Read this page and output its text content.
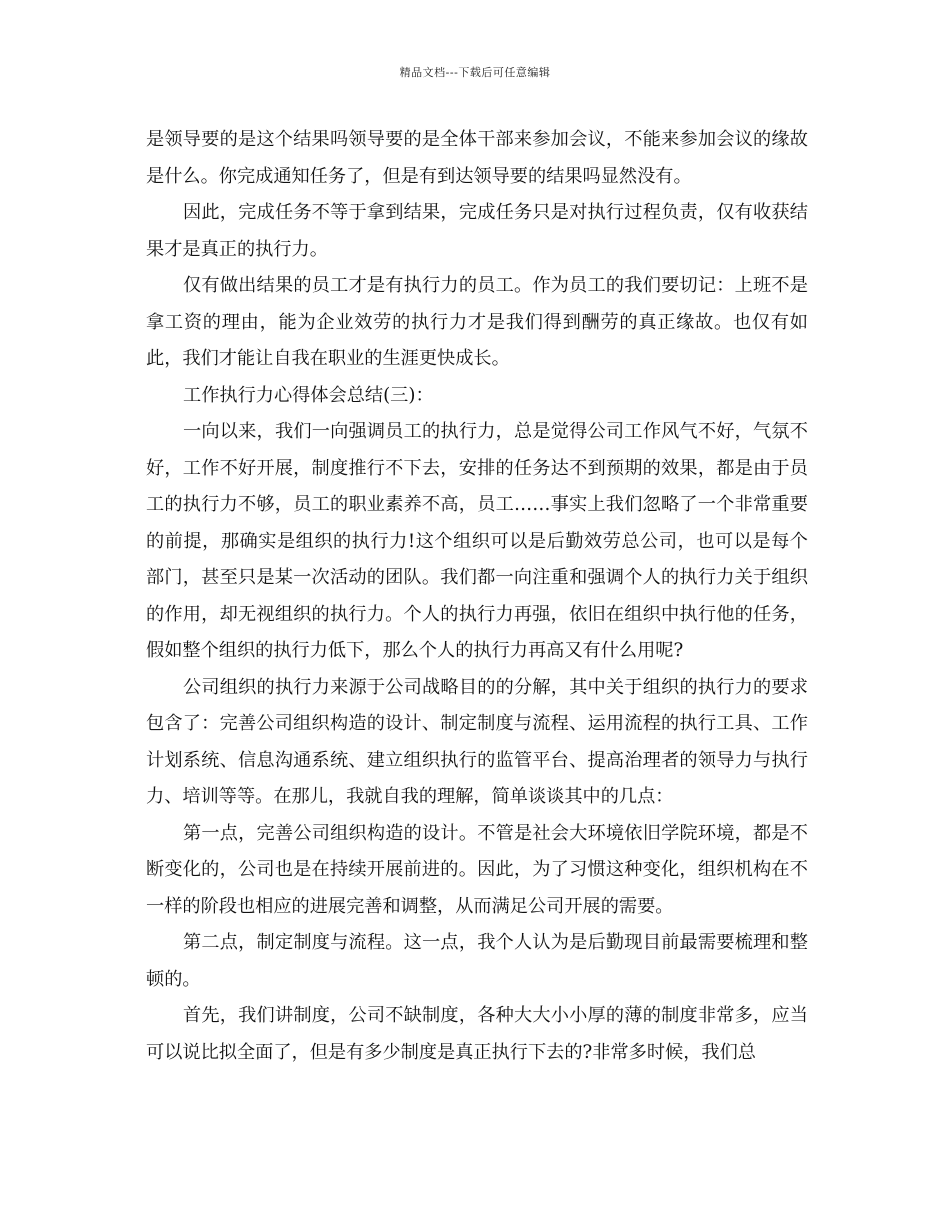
精品文档---下载后可任意编辑

是领导要的是这个结果吗领导要的是全体干部来参加会议，不能来参加会议的缘故是什么。你完成通知任务了，但是有到达领导要的结果吗显然没有。

因此，完成任务不等于拿到结果，完成任务只是对执行过程负责，仅有收获结果才是真正的执行力。

仅有做出结果的员工才是有执行力的员工。作为员工的我们要切记：上班不是拿工资的理由，能为企业效劳的执行力才是我们得到酬劳的真正缘故。也仅有如此，我们才能让自我在职业的生涯更快成长。

工作执行力心得体会总结(三)：

一向以来，我们一向强调员工的执行力，总是觉得公司工作风气不好，气氛不好，工作不好开展，制度推行不下去，安排的任务达不到预期的效果，都是由于员工的执行力不够，员工的职业素养不高，员工……事实上我们忽略了一个非常重要的前提，那确实是组织的执行力!这个组织可以是后勤效劳总公司，也可以是每个部门，甚至只是某一次活动的团队。我们都一向注重和强调个人的执行力关于组织的作用，却无视组织的执行力。个人的执行力再强，依旧在组织中执行他的任务，假如整个组织的执行力低下，那么个人的执行力再高又有什么用呢?

公司组织的执行力来源于公司战略目的的分解，其中关于组织的执行力的要求包含了：完善公司组织构造的设计、制定制度与流程、运用流程的执行工具、工作计划系统、信息沟通系统、建立组织执行的监管平台、提高治理者的领导力与执行力、培训等等。在那儿，我就自我的理解，简单谈谈其中的几点：

第一点，完善公司组织构造的设计。不管是社会大环境依旧学院环境，都是不断变化的，公司也是在持续开展前进的。因此，为了习惯这种变化，组织机构在不一样的阶段也相应的进展完善和调整，从而满足公司开展的需要。

第二点，制定制度与流程。这一点，我个人认为是后勤现目前最需要梳理和整顿的。

首先，我们讲制度，公司不缺制度，各种大大小小厚的薄的制度非常多，应当可以说比拟全面了，但是有多少制度是真正执行下去的?非常多时候，我们总
